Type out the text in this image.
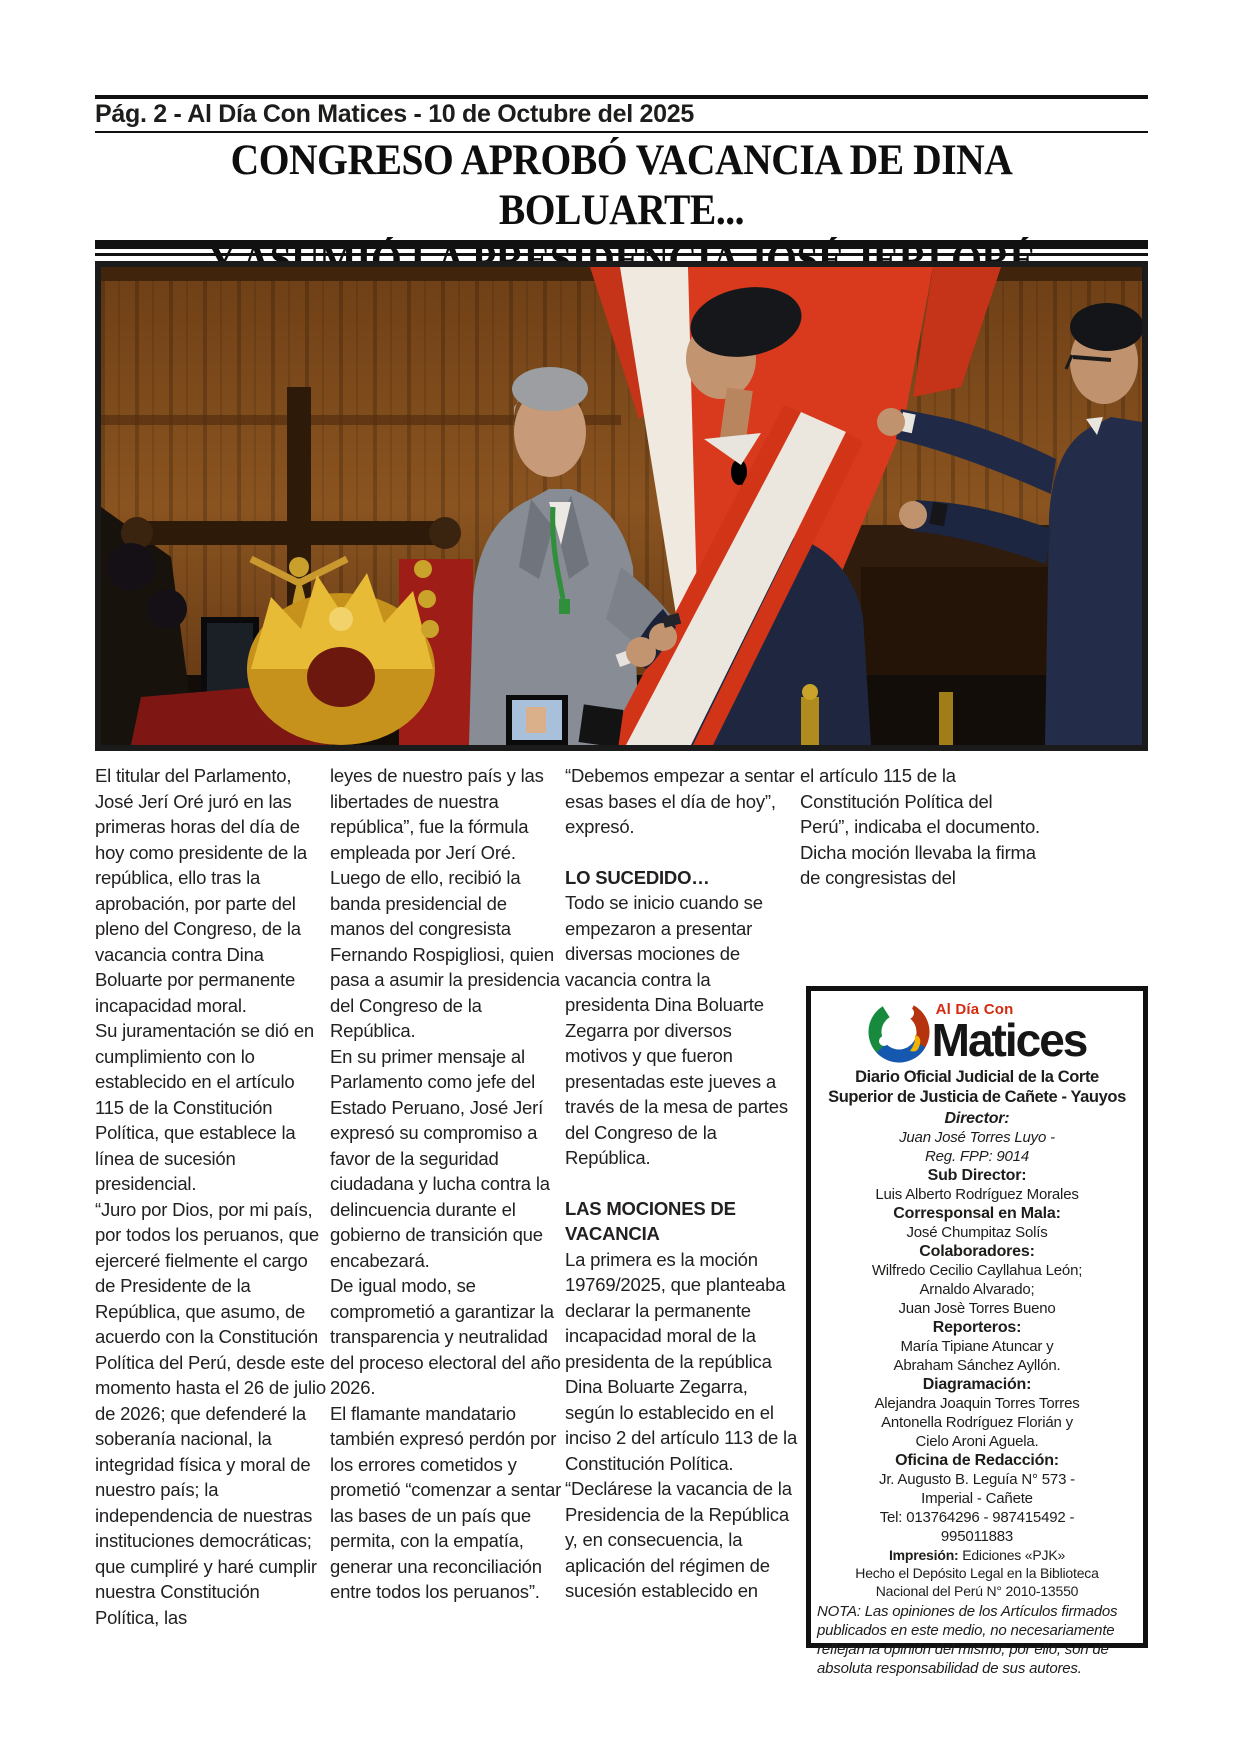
Pág. 2 - Al Día Con Matices - 10 de Octubre del 2025
CONGRESO APROBÓ VACANCIA DE DINA BOLUARTE...

El titular del Parlamento, José Jerí Oré juró en las primeras horas del día de hoy como presidente de la república, ello tras la aprobación, por parte del pleno del Congreso, de la vacancia contra Dina Boluarte por permanente incapacidad moral.

Su juramentación se dió en cumplimiento con lo establecido en el artículo 115 de la Constitución Política, que establece la línea de sucesión presidencial.

“Juro por Dios, por mi país, por todos los peruanos, que ejerceré fielmente el cargo de Presidente de la República, que asumo, de acuerdo con la Constitución Política del Perú, desde este momento hasta el 26 de julio de 2026; que defenderé la soberanía nacional, la integridad física y moral de nuestro país; la independencia de nuestras instituciones democráticas; que cumpliré y haré cumplir nuestra Constitución Política, las

leyes de nuestro país y las libertades de nuestra república”, fue la fórmula empleada por Jerí Oré.

Luego de ello, recibió la banda presidencial de manos del congresista Fernando Rospigliosi, quien pasa a asumir la presidencia del Congreso de la República.

En su primer mensaje al Parlamento como jefe del Estado Peruano, José Jerí expresó su compromiso a favor de la seguridad ciudadana y lucha contra la delincuencia durante el gobierno de transición que encabezará.

De igual modo, se comprometió a garantizar la transparencia y neutralidad del proceso electoral del año 2026.

El flamante mandatario también expresó perdón por los errores cometidos y prometió “comenzar a sentar las bases de un país que permita, con la empatía, generar una reconciliación entre todos los peruanos”.

“Debemos empezar a sentar esas bases el día de hoy”, expresó.

LO SUCEDIDO…

Todo se inicio cuando se empezaron a presentar diversas mociones de vacancia contra la presidenta Dina Boluarte Zegarra por diversos motivos y que fueron presentadas este jueves a través de la mesa de partes del Congreso de la República.

LAS MOCIONES DE VACANCIA

La primera es la moción 19769/2025, que planteaba declarar la permanente incapacidad moral de la presidenta de la república Dina Boluarte Zegarra, según lo establecido en el inciso 2 del artículo 113 de la Constitución Política.

“Declárese la vacancia de la Presidencia de la República y, en consecuencia, la aplicación del régimen de sucesión establecido en

el artículo 115 de la Constitución Política del Perú”, indicaba el documento. Dicha moción llevaba la firma de congresistas del

Al Día Con
Matices
Diario Oficial Judicial de la Corte
Superior de Justicia de Cañete - Yauyos
Director:
Juan José Torres Luyo -
Reg. FPP: 9014
Sub Director:
Luis Alberto Rodríguez Morales
Corresponsal en Mala:
José Chumpitaz Solís
Colaboradores:
Wilfredo Cecilio Cayllahua León;
Arnaldo Alvarado;
Juan Josè Torres Bueno
Reporteros:
María Tipiane Atuncar y
Abraham Sánchez Ayllón.
Diagramación:
Alejandra Joaquin Torres Torres
Antonella Rodríguez Florián y
Cielo Aroni Aguela.
Oficina de Redacción:
Jr. Augusto B. Leguía N° 573 -
Imperial - Cañete
Tel: 013764296 - 987415492 -
995011883
Impresión: Ediciones «PJK»
Hecho el Depósito Legal en la Biblioteca
Nacional del Perú N° 2010-13550

NOTA: Las opiniones de los Artículos firmados publicados en este medio, no necesariamente reflejan la opinión del mismo; por ello, son de absoluta responsabilidad de sus autores.
